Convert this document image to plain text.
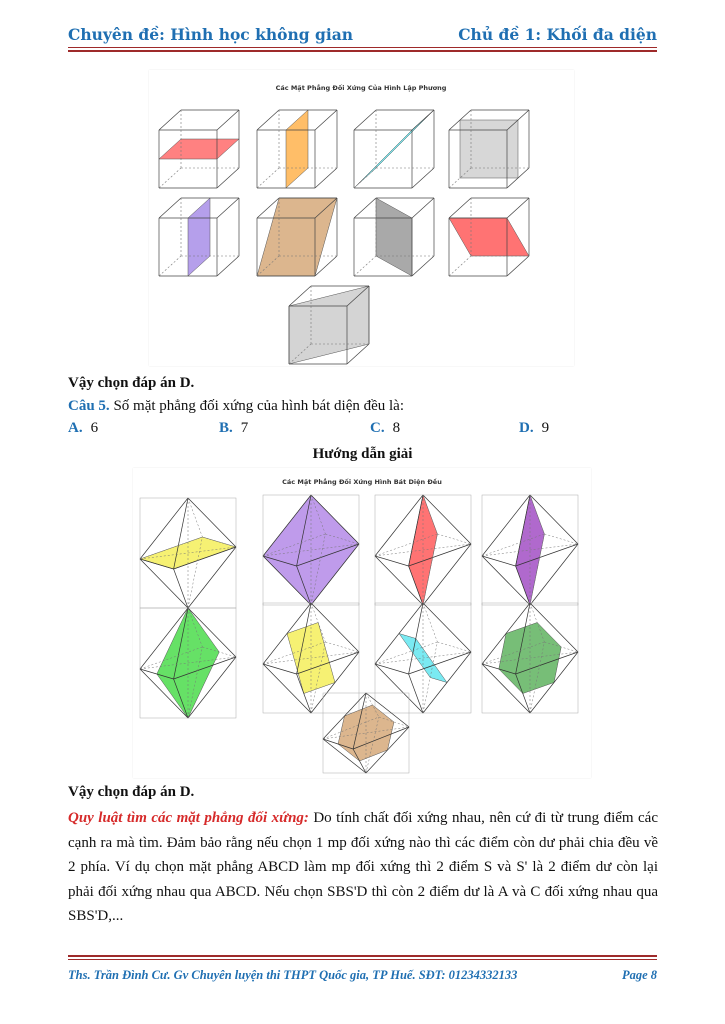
Chuyên đề: Hình học không gian	Chủ đề 1: Khối đa diện
Các Mặt Phẳng Đối Xứng Của Hình Lập Phương
Vậy chọn đáp án D.
Câu 5. Số mặt phẳng đối xứng của hình bát diện đều là:
A. 6	B. 7	C. 8	D. 9
Hướng dẫn giải
Các Mặt Phẳng Đối Xứng Hình Bát Diện Đều
Vậy chọn đáp án D.
Quy luật tìm các mặt phẳng đối xứng: Do tính chất đối xứng nhau, nên cứ đi từ trung điểm các cạnh ra mà tìm. Đảm bảo rằng nếu chọn 1 mp đối xứng nào thì các điểm còn dư phải chia đều về 2 phía. Ví dụ chọn mặt phẳng ABCD làm mp đối xứng thì 2 điểm S và S' là 2 điểm dư còn lại phải đối xứng nhau qua ABCD. Nếu chọn SBS'D thì còn 2 điểm dư là A và C đối xứng nhau qua SBS'D,...
Ths. Trần Đình Cư. Gv Chuyên luyện thi THPT Quốc gia, TP Huế. SĐT: 01234332133	Page 8
